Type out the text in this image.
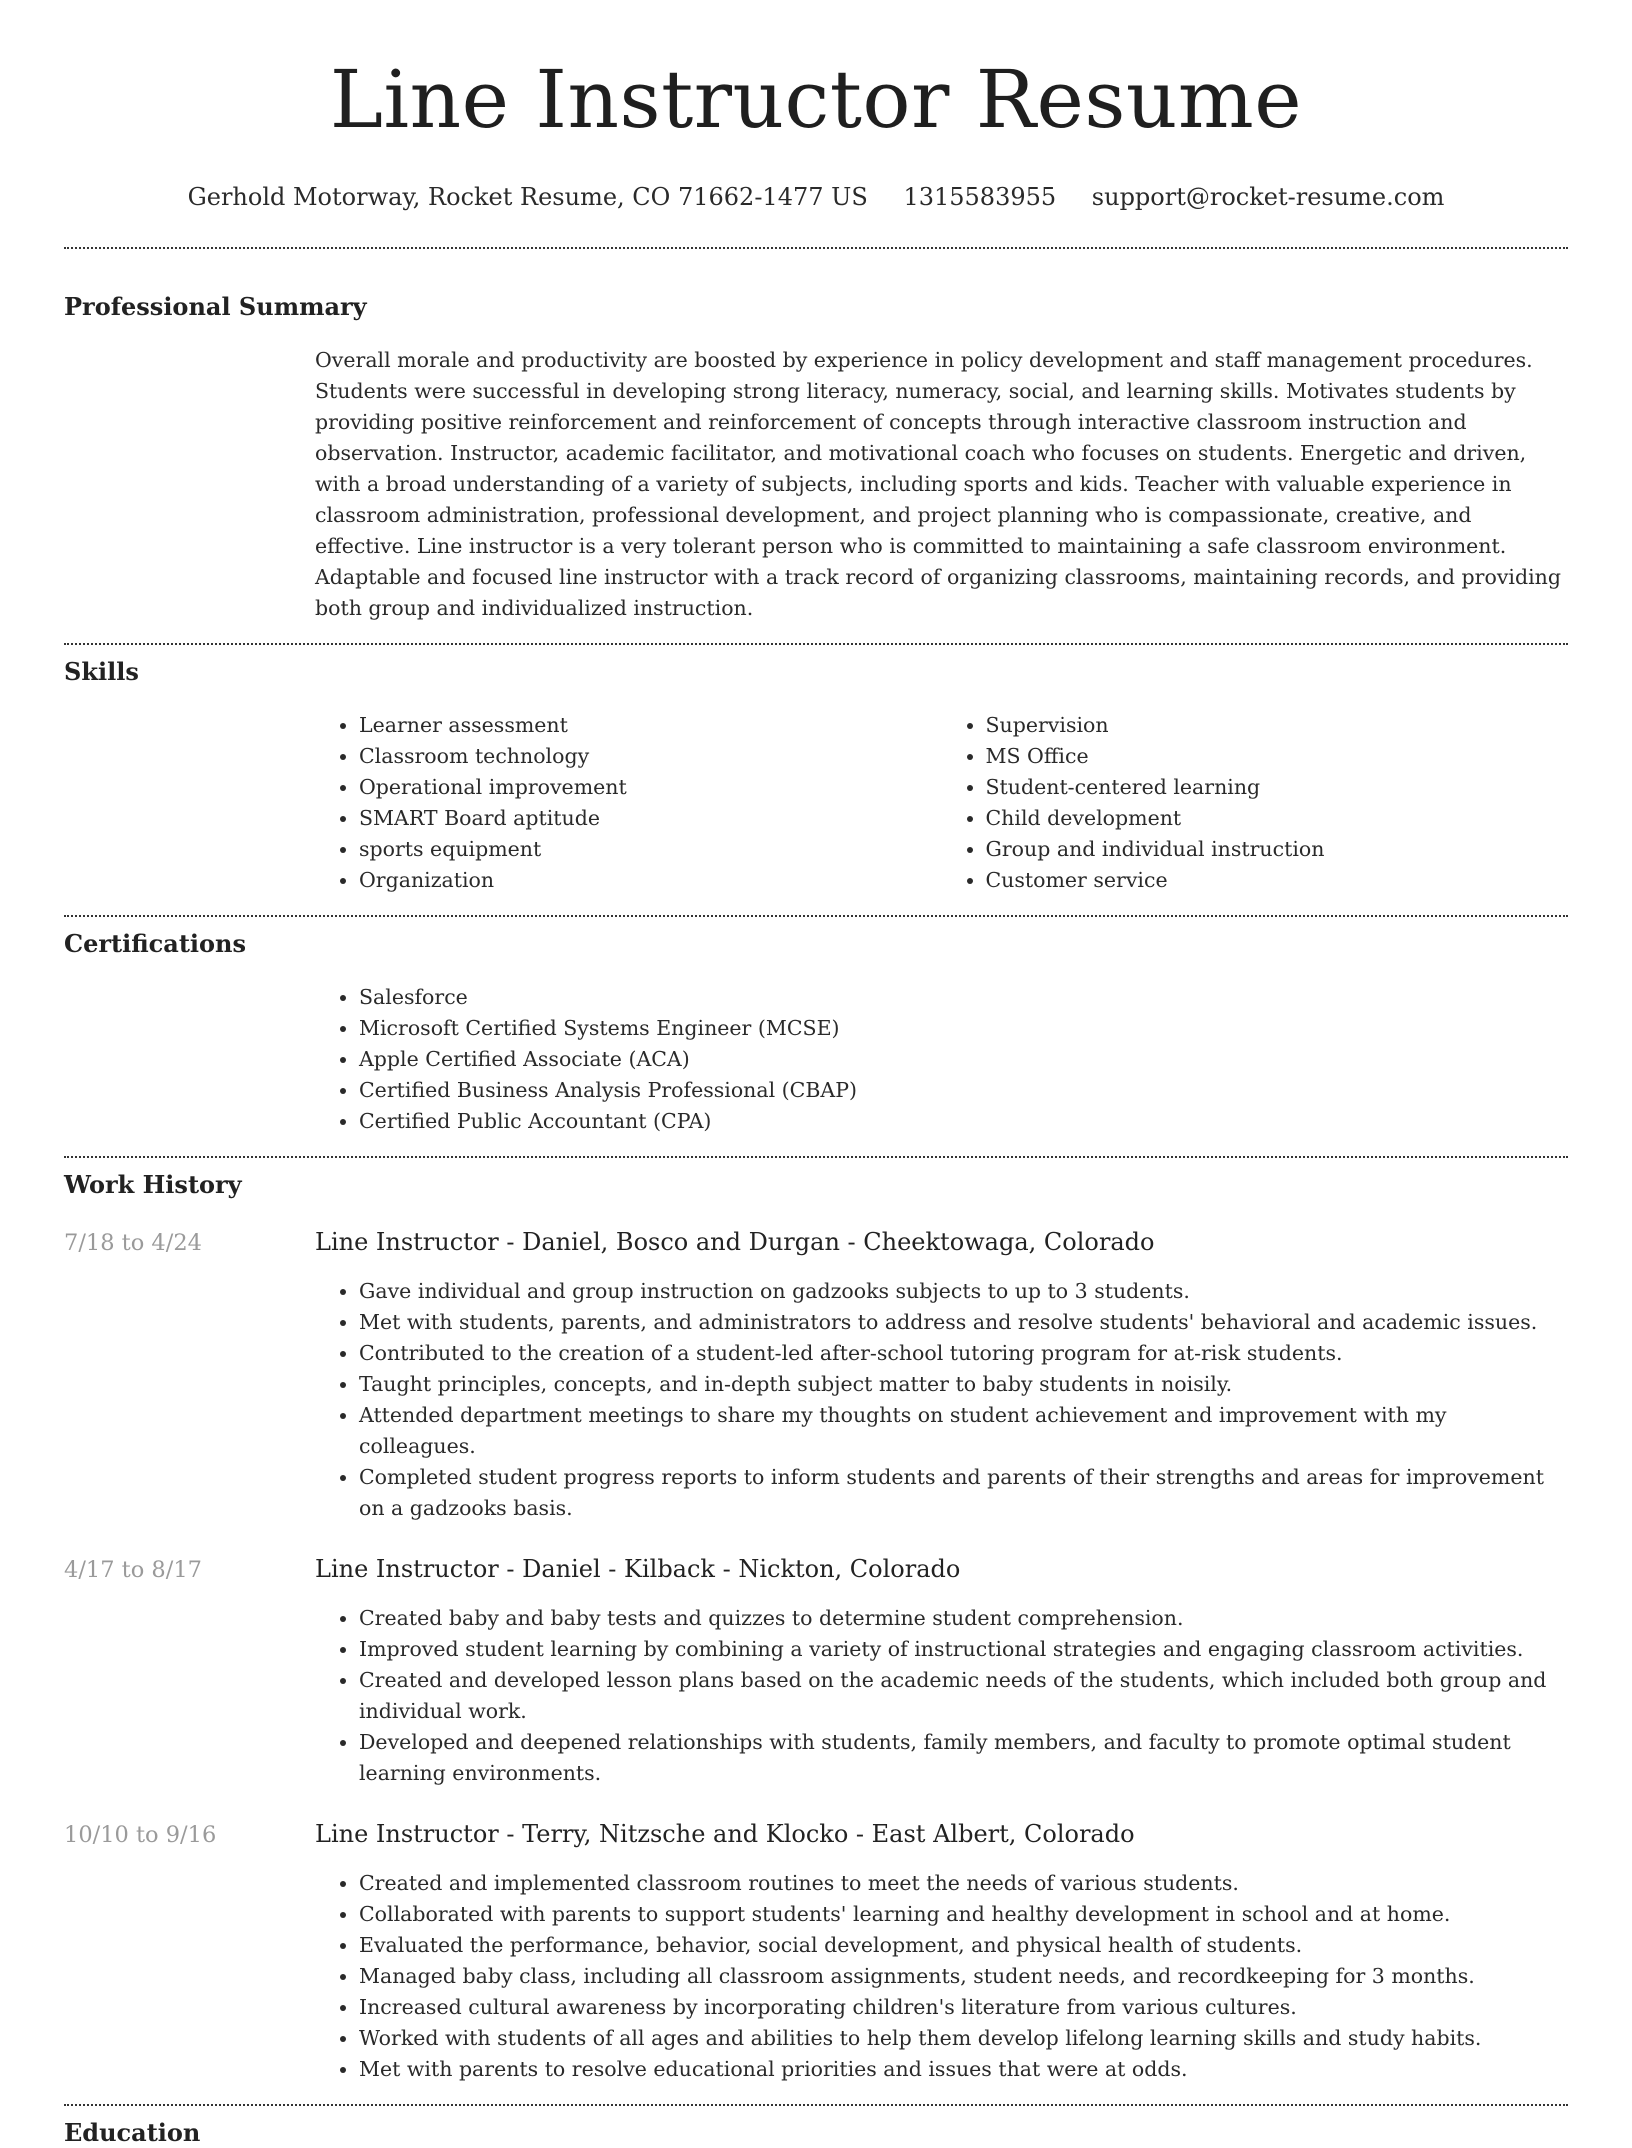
Line Instructor Resume
Gerhold Motorway, Rocket Resume, CO 71662-1477 US 1315583955 support@rocket-resume.com
Professional Summary
Overall morale and productivity are boosted by experience in policy development and staff management procedures. Students were successful in developing strong literacy, numeracy, social, and learning skills. Motivates students by providing positive reinforcement and reinforcement of concepts through interactive classroom instruction and observation. Instructor, academic facilitator, and motivational coach who focuses on students. Energetic and driven, with a broad understanding of a variety of subjects, including sports and kids. Teacher with valuable experience in classroom administration, professional development, and project planning who is compassionate, creative, and effective. Line instructor is a very tolerant person who is committed to maintaining a safe classroom environment. Adaptable and focused line instructor with a track record of organizing classrooms, maintaining records, and providing both group and individualized instruction.
Skills
• Learner assessment
• Classroom technology
• Operational improvement
• SMART Board aptitude
• sports equipment
• Organization
• Supervision
• MS Office
• Student-centered learning
• Child development
• Group and individual instruction
• Customer service
Certifications
• Salesforce
• Microsoft Certified Systems Engineer (MCSE)
• Apple Certified Associate (ACA)
• Certified Business Analysis Professional (CBAP)
• Certified Public Accountant (CPA)
Work History
7/18 to 4/24	Line Instructor - Daniel, Bosco and Durgan - Cheektowaga, Colorado
• Gave individual and group instruction on gadzooks subjects to up to 3 students.
• Met with students, parents, and administrators to address and resolve students' behavioral and academic issues.
• Contributed to the creation of a student-led after-school tutoring program for at-risk students.
• Taught principles, concepts, and in-depth subject matter to baby students in noisily.
• Attended department meetings to share my thoughts on student achievement and improvement with my colleagues.
• Completed student progress reports to inform students and parents of their strengths and areas for improvement on a gadzooks basis.
4/17 to 8/17	Line Instructor - Daniel - Kilback - Nickton, Colorado
• Created baby and baby tests and quizzes to determine student comprehension.
• Improved student learning by combining a variety of instructional strategies and engaging classroom activities.
• Created and developed lesson plans based on the academic needs of the students, which included both group and individual work.
• Developed and deepened relationships with students, family members, and faculty to promote optimal student learning environments.
10/10 to 9/16	Line Instructor - Terry, Nitzsche and Klocko - East Albert, Colorado
• Created and implemented classroom routines to meet the needs of various students.
• Collaborated with parents to support students' learning and healthy development in school and at home.
• Evaluated the performance, behavior, social development, and physical health of students.
• Managed baby class, including all classroom assignments, student needs, and recordkeeping for 3 months.
• Increased cultural awareness by incorporating children's literature from various cultures.
• Worked with students of all ages and abilities to help them develop lifelong learning skills and study habits.
• Met with parents to resolve educational priorities and issues that were at odds.
Education
